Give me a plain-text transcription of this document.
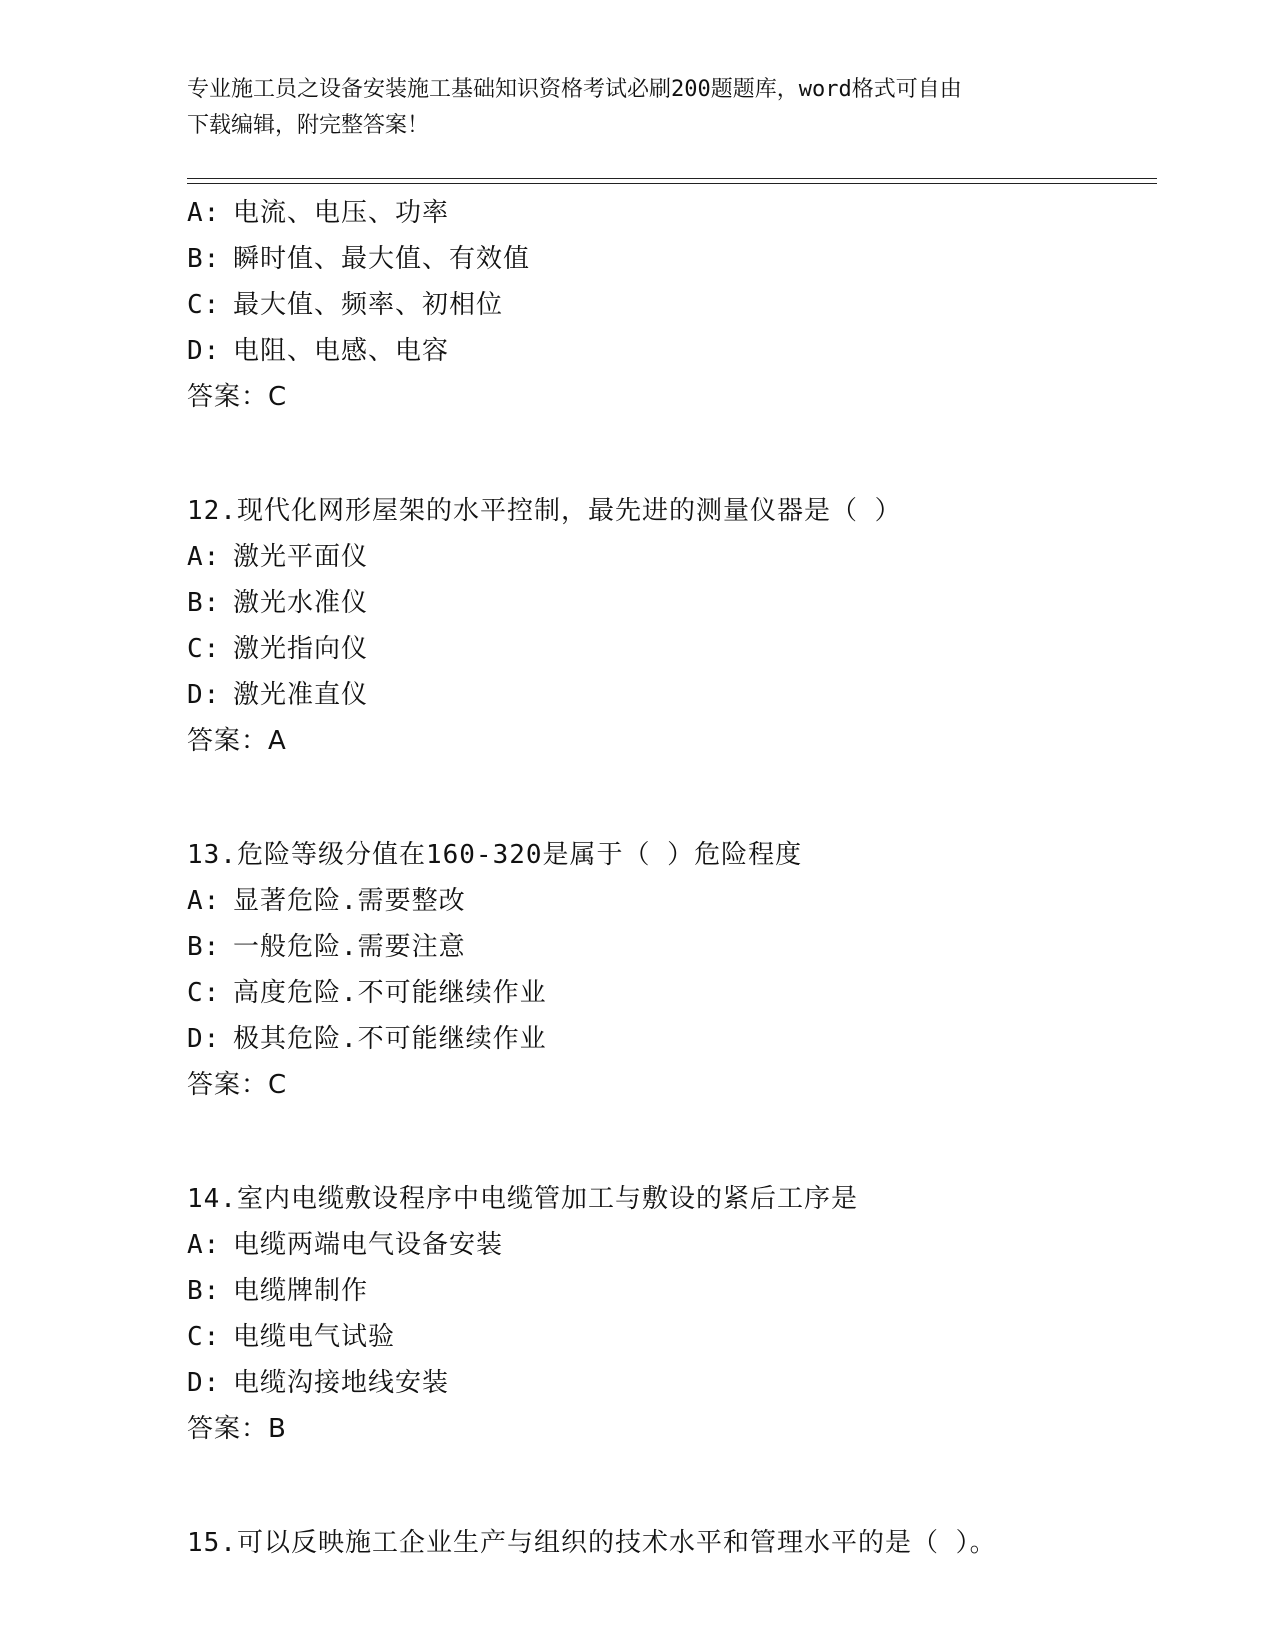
专业施工员之设备安装施工基础知识资格考试必刷200题题库，word格式可自由
下载编辑，附完整答案！
A: 电流、电压、功率
B: 瞬时值、最大值、有效值
C: 最大值、频率、初相位
D: 电阻、电感、电容
答案：C
12.现代化网形屋架的水平控制，最先进的测量仪器是（ ）
A: 激光平面仪
B: 激光水准仪
C: 激光指向仪
D: 激光准直仪
答案：A
13.危险等级分值在160-320是属于（ ）危险程度
A: 显著危险.需要整改
B: 一般危险.需要注意
C: 高度危险.不可能继续作业
D: 极其危险.不可能继续作业
答案：C
14.室内电缆敷设程序中电缆管加工与敷设的紧后工序是
A: 电缆两端电气设备安装
B: 电缆牌制作
C: 电缆电气试验
D: 电缆沟接地线安装
答案：B
15.可以反映施工企业生产与组织的技术水平和管理水平的是（ ）。
